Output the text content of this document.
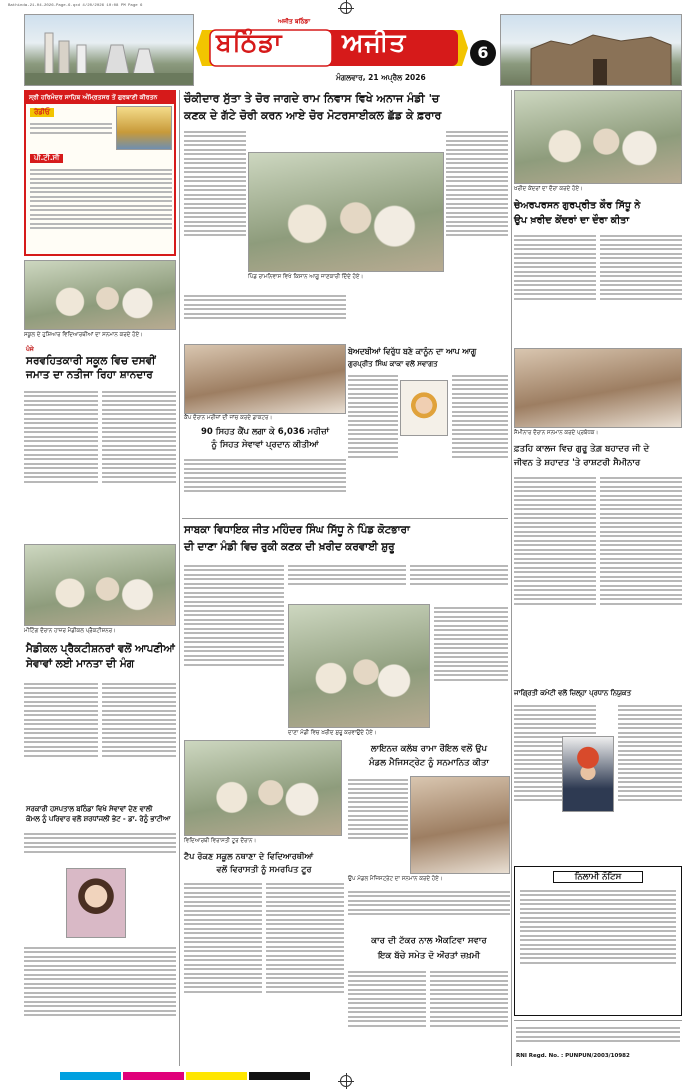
Bathinda-21-04-2026-Page-6.qxd 4/20/2026 10:08 PM Page 6
ਅਜੀਤ ਬਠਿੰਡਾ
ਬਠਿੰਡਾ ਅਜੀਤ
ਮੰਗਲਵਾਰ, 21 ਅਪ੍ਰੈਲ 2026
6
ਸ੍ਰੀ ਹਰਿਮੰਦਰ ਸਾਹਿਬ ਅੰਮ੍ਰਿਤਸਰ ਤੋਂ ਗੁਰਬਾਣੀ ਕੀਰਤਨ
ਰੇਡੀਓ
ਪੀ.ਟੀ.ਸੀ
ਸਕੂਲ ਦੇ ਹੁਸ਼ਿਆਰ ਵਿਦਿਆਰਥੀਆਂ ਦਾ ਸਨਮਾਨ ਕਰਦੇ ਹੋਏ।
ਪੰਜੇ
ਸਰਵਹਿਤਕਾਰੀ ਸਕੂਲ ਵਿਚ ਦਸਵੀਂ
ਜਮਾਤ ਦਾ ਨਤੀਜਾ ਰਿਹਾ ਸ਼ਾਨਦਾਰ
ਮੀਟਿੰਗ ਦੌਰਾਨ ਹਾਜ਼ਰ ਮੈਡੀਕਲ ਪ੍ਰੈਕਟੀਸ਼ਨਰ।
ਮੈਡੀਕਲ ਪ੍ਰੈਕਟੀਸ਼ਨਰਾਂ ਵਲੋਂ ਆਪਣੀਆਂ
ਸੇਵਾਵਾਂ ਲਈ ਮਾਨਤਾ ਦੀ ਮੰਗ
ਸਰਕਾਰੀ ਹਸਪਤਾਲ ਬਠਿੰਡਾ ਵਿਖੇ ਸੇਵਾਵਾਂ ਦੇਣ ਵਾਲੀ
ਕੋਮਲ ਨੂੰ ਪਰਿਵਾਰ ਵਲੋਂ ਸ਼ਰਧਾਂਜਲੀ ਭੇਟ - ਡਾ. ਰੇਨੂੰ ਭਾਟੀਆ
ਚੌਕੀਦਾਰ ਸੁੱਤਾ ਤੇ ਚੋਰ ਜਾਗਦੇ ਰਾਮ ਨਿਵਾਸ ਵਿਖੇ ਅਨਾਜ ਮੰਡੀ 'ਚ
ਕਣਕ ਦੇ ਗੱਟੇ ਚੋਰੀ ਕਰਨ ਆਏ ਚੋਰ ਮੋਟਰਸਾਈਕਲ ਛੱਡ ਕੇ ਫ਼ਰਾਰ
ਪਿੰਡ ਰਾਮਨਿਵਾਸ ਵਿਖੇ ਕਿਸਾਨ ਆਗੂ ਜਾਣਕਾਰੀ ਦਿੰਦੇ ਹੋਏ।
ਕੈਂਪ ਦੌਰਾਨ ਮਰੀਜ਼ਾਂ ਦੀ ਜਾਂਚ ਕਰਦੇ ਡਾਕਟਰ।
90 ਸਿਹਤ ਕੈਂਪ ਲਗਾ ਕੇ 6,036 ਮਰੀਜ਼ਾਂ
ਨੂੰ ਸਿਹਤ ਸੇਵਾਵਾਂ ਪ੍ਰਦਾਨ ਕੀਤੀਆਂ
ਬੇਅਦਬੀਆਂ ਵਿਰੁੱਧ ਬਣੇ ਕਾਨੂੰਨ ਦਾ ਆਪ ਆਗੂ
ਗੁਰਪ੍ਰੀਤ ਸਿੰਘ ਕਾਕਾ ਵਲੋਂ ਸਵਾਗਤ
ਸਾਬਕਾ ਵਿਧਾਇਕ ਜੀਤ ਮਹਿੰਦਰ ਸਿੰਘ ਸਿੱਧੂ ਨੇ ਪਿੰਡ ਕੋਟਭਾਰਾ
ਦੀ ਦਾਣਾ ਮੰਡੀ ਵਿਚ ਰੁਕੀ ਕਣਕ ਦੀ ਖ਼ਰੀਦ ਕਰਵਾਈ ਸ਼ੁਰੂ
ਦਾਣਾ ਮੰਡੀ ਵਿਚ ਖ਼ਰੀਦ ਸ਼ੁਰੂ ਕਰਵਾਉਂਦੇ ਹੋਏ।
ਵਿਦਿਆਰਥੀ ਵਿਰਾਸਤੀ ਟੂਰ ਦੌਰਾਨ।
ਟੈਪ ਰੋਕਣ ਸਕੂਲ ਨਥਾਣਾ ਦੇ ਵਿਦਿਆਰਥੀਆਂ
ਵਲੋਂ ਵਿਰਾਸਤੀ ਨੂੰ ਸਮਰਪਿਤ ਟੂਰ
ਲਾਇਨਜ਼ ਕਲੱਬ ਰਾਮਾ ਰੌਇਲ ਵਲੋਂ ਉਪ
ਮੰਡਲ ਮੈਜਿਸਟ੍ਰੇਟ ਨੂੰ ਸਨਮਾਨਿਤ ਕੀਤਾ
ਉਪ ਮੰਡਲ ਮੈਜਿਸਟ੍ਰੇਟ ਦਾ ਸਨਮਾਨ ਕਰਦੇ ਹੋਏ।
ਕਾਰ ਦੀ ਟੱਕਰ ਨਾਲ ਐਕਟਿਵਾ ਸਵਾਰ
ਇਕ ਬੱਚੇ ਸਮੇਤ ਦੋ ਔਰਤਾਂ ਜ਼ਖ਼ਮੀ
ਖ਼ਰੀਦ ਕੇਂਦਰਾਂ ਦਾ ਦੌਰਾ ਕਰਦੇ ਹੋਏ।
ਚੇਅਰਪਰਸਨ ਗੁਰਪ੍ਰੀਤ ਕੌਰ ਸਿੱਧੂ ਨੇ
ਉਪ ਖ਼ਰੀਦ ਕੇਂਦਰਾਂ ਦਾ ਦੌਰਾ ਕੀਤਾ
ਸੈਮੀਨਾਰ ਦੌਰਾਨ ਸਨਮਾਨ ਕਰਦੇ ਪ੍ਰਬੰਧਕ।
ਫ਼ਤਹਿ ਕਾਲਜ ਵਿਚ ਗੁਰੂ ਤੇਗ਼ ਬਹਾਦਰ ਜੀ ਦੇ
ਜੀਵਨ ਤੇ ਸ਼ਹਾਦਤ 'ਤੇ ਰਾਸ਼ਟਰੀ ਸੈਮੀਨਾਰ
ਜਾਗ੍ਰਿਤੀ ਕਮੇਟੀ ਵਲੋਂ ਜ਼ਿਲ੍ਹਾ ਪ੍ਰਧਾਨ ਨਿਯੁਕਤ
ਨਿਲਾਮੀ ਨੋਟਿਸ
RNI Regd. No. : PUNPUN/2003/10982
